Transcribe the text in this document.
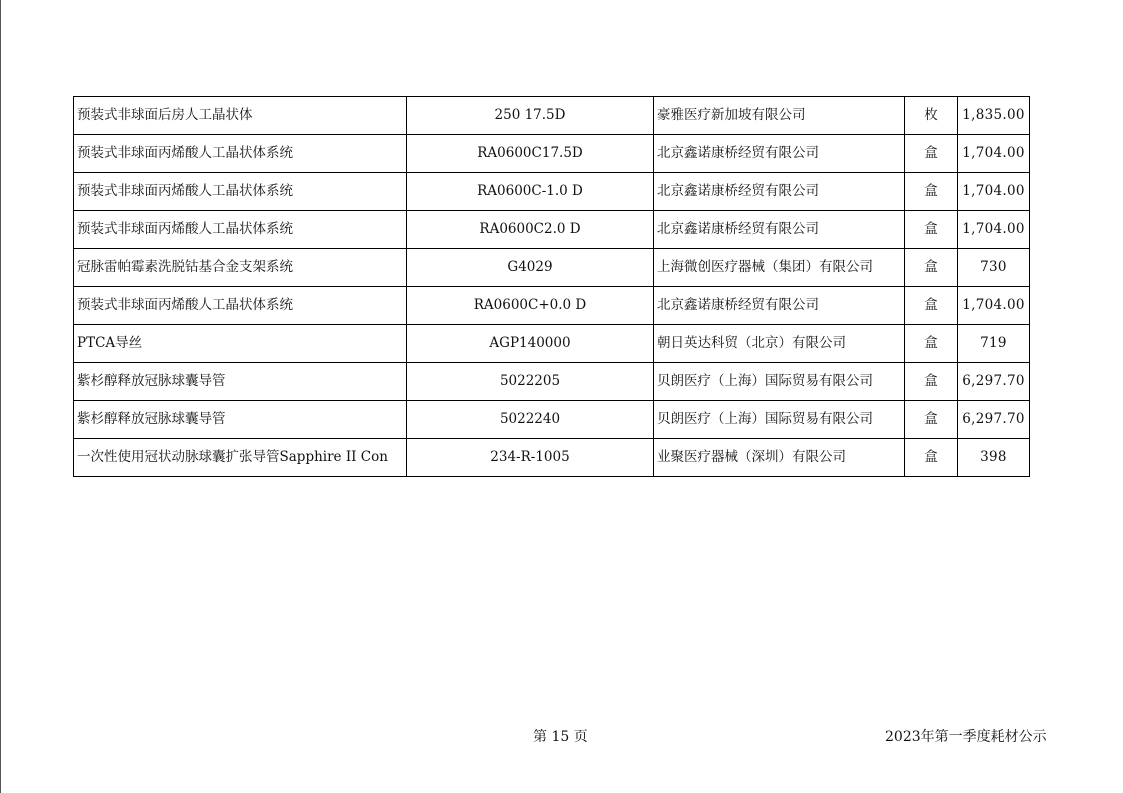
预装式非球面后房人工晶状体	250 17.5D	豪雅医疗新加坡有限公司	枚	1,835.00
预装式非球面丙烯酸人工晶状体系统	RA0600C17.5D	北京鑫诺康桥经贸有限公司	盒	1,704.00
预装式非球面丙烯酸人工晶状体系统	RA0600C-1.0 D	北京鑫诺康桥经贸有限公司	盒	1,704.00
预装式非球面丙烯酸人工晶状体系统	RA0600C2.0 D	北京鑫诺康桥经贸有限公司	盒	1,704.00
冠脉雷帕霉素洗脱钴基合金支架系统	G4029	上海微创医疗器械（集团）有限公司	盒	730
预装式非球面丙烯酸人工晶状体系统	RA0600C+0.0 D	北京鑫诺康桥经贸有限公司	盒	1,704.00
PTCA导丝	AGP140000	朝日英达科贸（北京）有限公司	盒	719
紫杉醇释放冠脉球囊导管	5022205	贝朗医疗（上海）国际贸易有限公司	盒	6,297.70
紫杉醇释放冠脉球囊导管	5022240	贝朗医疗（上海）国际贸易有限公司	盒	6,297.70
一次性使用冠状动脉球囊扩张导管Sapphire II Con	234-R-1005	业聚医疗器械（深圳）有限公司	盒	398
第 15 页	2023年第一季度耗材公示
